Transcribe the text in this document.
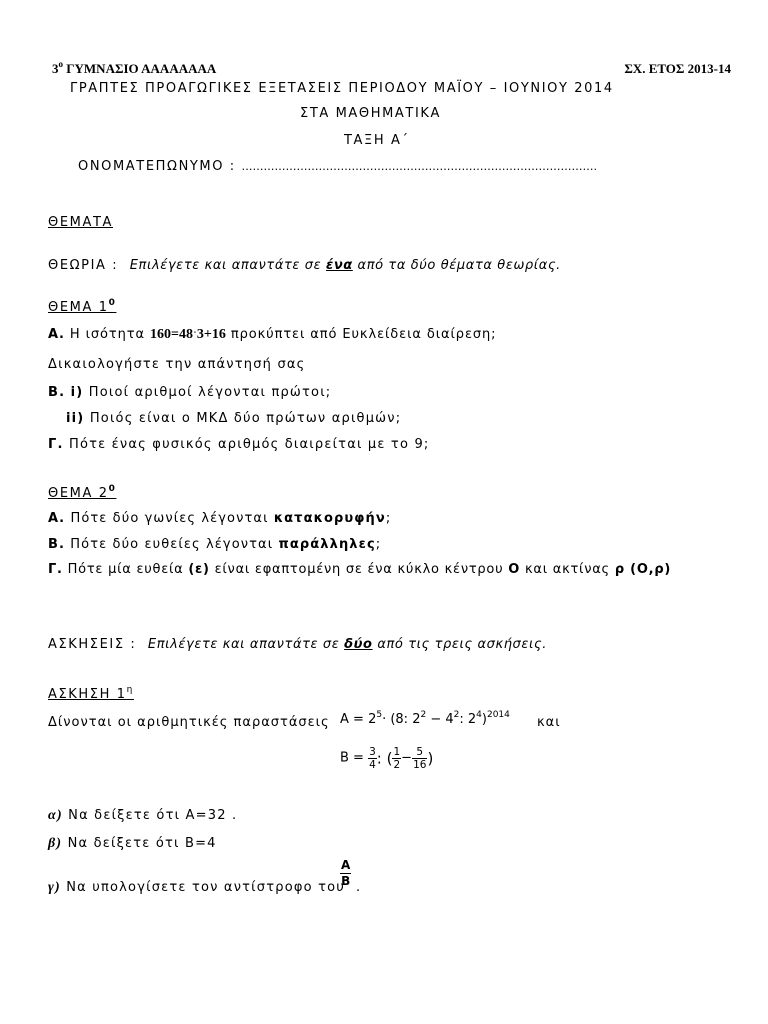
$3^o$ ΓΥΜΝΑΣΙΟ ΑΑΑΑΑΑΑΑ	ΣΧ. ΕΤΟΣ 2013-14
ΓΡΑΠΤΕΣ ΠΡΟΑΓΩΓΙΚΕΣ ΕΞΕΤΑΣΕΙΣ ΠΕΡΙΟΔΟΥ ΜΑΪΟΥ – ΙΟΥΝΙΟΥ 2014
ΣΤΑ ΜΑΘΗΜΑΤΙΚΑ
ΤΑΞΗ Α΄
ΟΝΟΜΑΤΕΠΩΝΥΜΟ : …………………………………………………………………………………….
ΘΕΜΑΤΑ
ΘΕΩΡΙΑ : Επιλέγετε και απαντάτε σε ένα από τα δύο θέματα θεωρίας.
ΘΕΜΑ $1^0$
Α. Η ισότητα 160=48ˑ3+16 προκύπτει από Ευκλείδεια διαίρεση;
Δικαιολογήστε την απάντησή σας
Β. i) Ποιοί αριθμοί λέγονται πρώτοι;
ii) Ποιός είναι ο ΜΚΔ δύο πρώτων αριθμών;
Γ. Πότε ένας φυσικός αριθμός διαιρείται με το 9;
ΘΕΜΑ $2^0$
Α. Πότε δύο γωνίες λέγονται κατακορυφήν;
Β. Πότε δύο ευθείες λέγονται παράλληλες;
Γ. Πότε μία ευθεία (ε) είναι εφαπτομένη σε ένα κύκλο κέντρου Ο και ακτίνας ρ (Ο,ρ)
ΑΣΚΗΣΕΙΣ : Επιλέγετε και απαντάτε σε δύο από τις τρεις ασκήσεις.
ΑΣΚΗΣΗ $1^\eta$
Δίνονται οι αριθμητικές παραστάσεις $A = 2^5\cdot (8$: $2^2 - 4^2$: $2^4)^{2014}$ και
$B = \frac{3}{4}$ : ( $\frac{1}{2} - \frac{5}{16}$ )
α) Να δείξετε ότι Α=32 .
β) Να δείξετε ότι Β=4
γ) Να υπολογίσετε τον αντίστροφο του
A
B .
